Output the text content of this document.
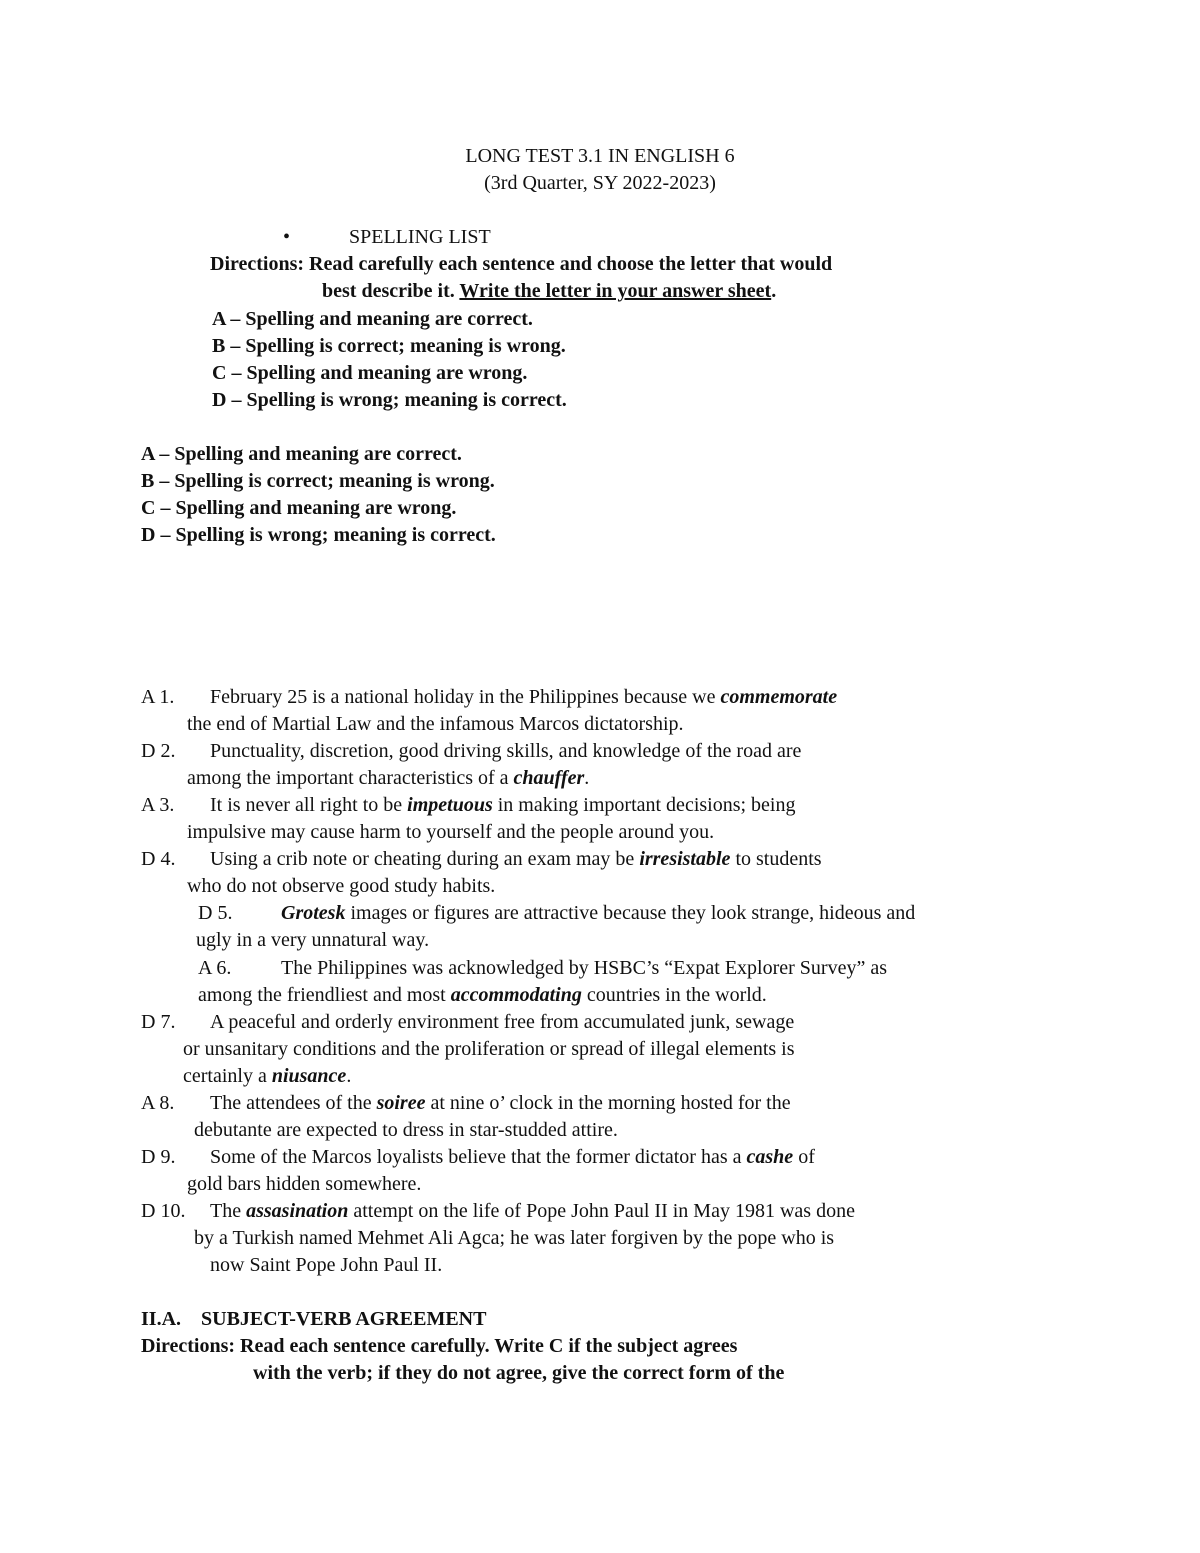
LONG TEST 3.1 IN ENGLISH 6
(3rd Quarter, SY 2022-2023)
•	SPELLING LIST
Directions: Read carefully each sentence and choose the letter that would
best describe it. Write the letter in your answer sheet.
A – Spelling and meaning are correct.
B – Spelling is correct; meaning is wrong.
C – Spelling and meaning are wrong.
D – Spelling is wrong; meaning is correct.
A – Spelling and meaning are correct.
B – Spelling is correct; meaning is wrong.
C – Spelling and meaning are wrong.
D – Spelling is wrong; meaning is correct.
A 1. February 25 is a national holiday in the Philippines because we commemorate
the end of Martial Law and the infamous Marcos dictatorship.
D 2. Punctuality, discretion, good driving skills, and knowledge of the road are
among the important characteristics of a chauffer.
A 3. It is never all right to be impetuous in making important decisions; being
impulsive may cause harm to yourself and the people around you.
D 4. Using a crib note or cheating during an exam may be irresistable to students
who do not observe good study habits.
D 5. Grotesk images or figures are attractive because they look strange, hideous and
ugly in a very unnatural way.
A 6. The Philippines was acknowledged by HSBC’s “Expat Explorer Survey” as
among the friendliest and most accommodating countries in the world.
D 7. A peaceful and orderly environment free from accumulated junk, sewage
or unsanitary conditions and the proliferation or spread of illegal elements is
certainly a niusance.
A 8. The attendees of the soiree at nine o’ clock in the morning hosted for the
debutante are expected to dress in star-studded attire.
D 9. Some of the Marcos loyalists believe that the former dictator has a cashe of
gold bars hidden somewhere.
D 10. The assasination attempt on the life of Pope John Paul II in May 1981 was done
by a Turkish named Mehmet Ali Agca; he was later forgiven by the pope who is
now Saint Pope John Paul II.
II.A.    SUBJECT-VERB AGREEMENT
Directions: Read each sentence carefully. Write C if the subject agrees
with the verb; if they do not agree, give the correct form of the
